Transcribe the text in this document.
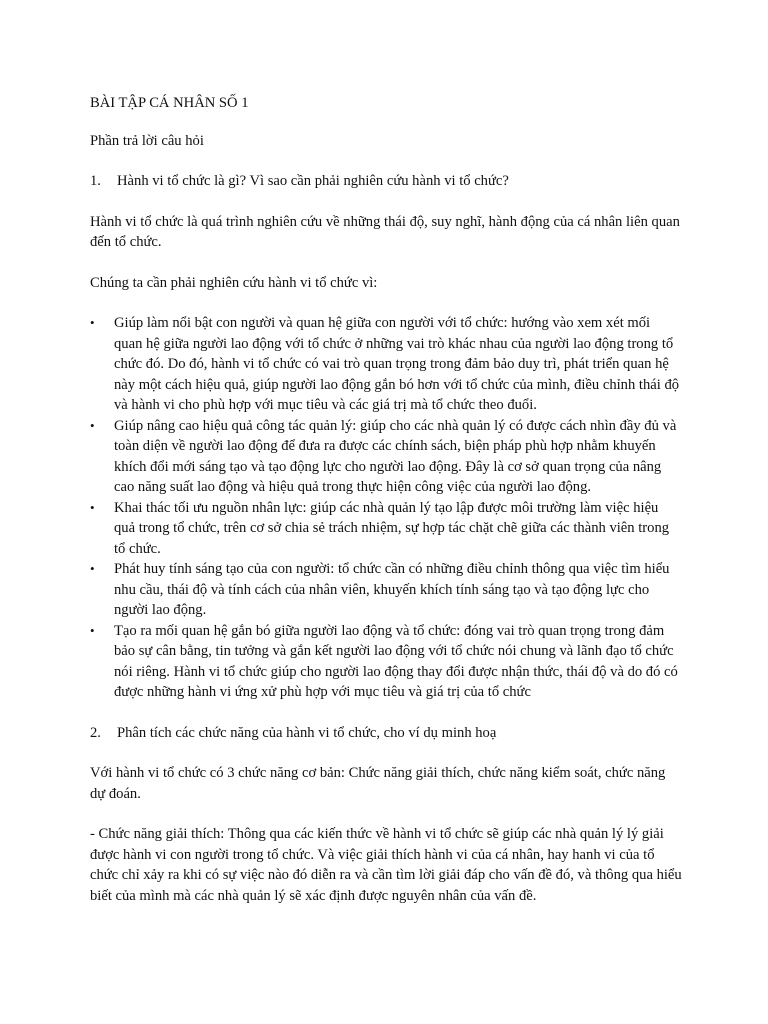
BÀI TẬP CÁ NHÂN SỐ 1

Phần trả lời câu hỏi

1.	Hành vi tổ chức là gì? Vì sao cần phải nghiên cứu hành vi tổ chức?

Hành vi tổ chức là quá trình nghiên cứu về những thái độ, suy nghĩ, hành động của cá nhân liên quan đến tổ chức.

Chúng ta cần phải nghiên cứu hành vi tổ chức vì:

• Giúp làm nổi bật con người và quan hệ giữa con người với tổ chức: hướng vào xem xét mối quan hệ giữa người lao động với tổ chức ở những vai trò khác nhau của người lao động trong tổ chức đó. Do đó, hành vi tổ chức có vai trò quan trọng trong đảm bảo duy trì, phát triển quan hệ này một cách hiệu quả, giúp người lao động gắn bó hơn với tổ chức của mình, điều chỉnh thái độ và hành vi cho phù hợp với mục tiêu và các giá trị mà tổ chức theo đuổi.
• Giúp nâng cao hiệu quả công tác quản lý: giúp cho các nhà quản lý có được cách nhìn đầy đủ và toàn diện về người lao động để đưa ra được các chính sách, biện pháp phù hợp nhằm khuyến khích đổi mới sáng tạo và tạo động lực cho người lao động. Đây là cơ sở quan trọng của nâng cao năng suất lao động và hiệu quả trong thực hiện công việc của người lao động.
• Khai thác tối ưu nguồn nhân lực: giúp các nhà quản lý tạo lập được môi trường làm việc hiệu quả trong tổ chức, trên cơ sở chia sẻ trách nhiệm, sự hợp tác chặt chẽ giữa các thành viên trong tổ chức.
• Phát huy tính sáng tạo của con người: tổ chức cần có những điều chỉnh thông qua việc tìm hiểu nhu cầu, thái độ và tính cách của nhân viên, khuyến khích tính sáng tạo và tạo động lực cho người lao động.
• Tạo ra mối quan hệ gắn bó giữa người lao động và tổ chức: đóng vai trò quan trọng trong đảm bảo sự cân bằng, tin tưởng và gắn kết người lao động với tổ chức nói chung và lãnh đạo tổ chức nói riêng. Hành vi tổ chức giúp cho người lao động thay đổi được nhận thức, thái độ và do đó có được những hành vi ứng xử phù hợp với mục tiêu và giá trị của tổ chức
2.	Phân tích các chức năng của hành vi tổ chức, cho ví dụ minh hoạ

Với hành vi tổ chức có 3 chức năng cơ bản: Chức năng giải thích, chức năng kiểm soát, chức năng dự đoán.

- Chức năng giải thích: Thông qua các kiến thức về hành vi tổ chức sẽ giúp các nhà quản lý lý giải được hành vi con người trong tổ chức. Và việc giải thích hành vi của cá nhân, hay hanh vi của tổ chức chỉ xảy ra khi có sự việc nào đó diễn ra và cần tìm lời giải đáp cho vấn đề đó, và thông qua hiểu biết của mình mà các nhà quản lý sẽ xác định được nguyên nhân của vấn đề.
